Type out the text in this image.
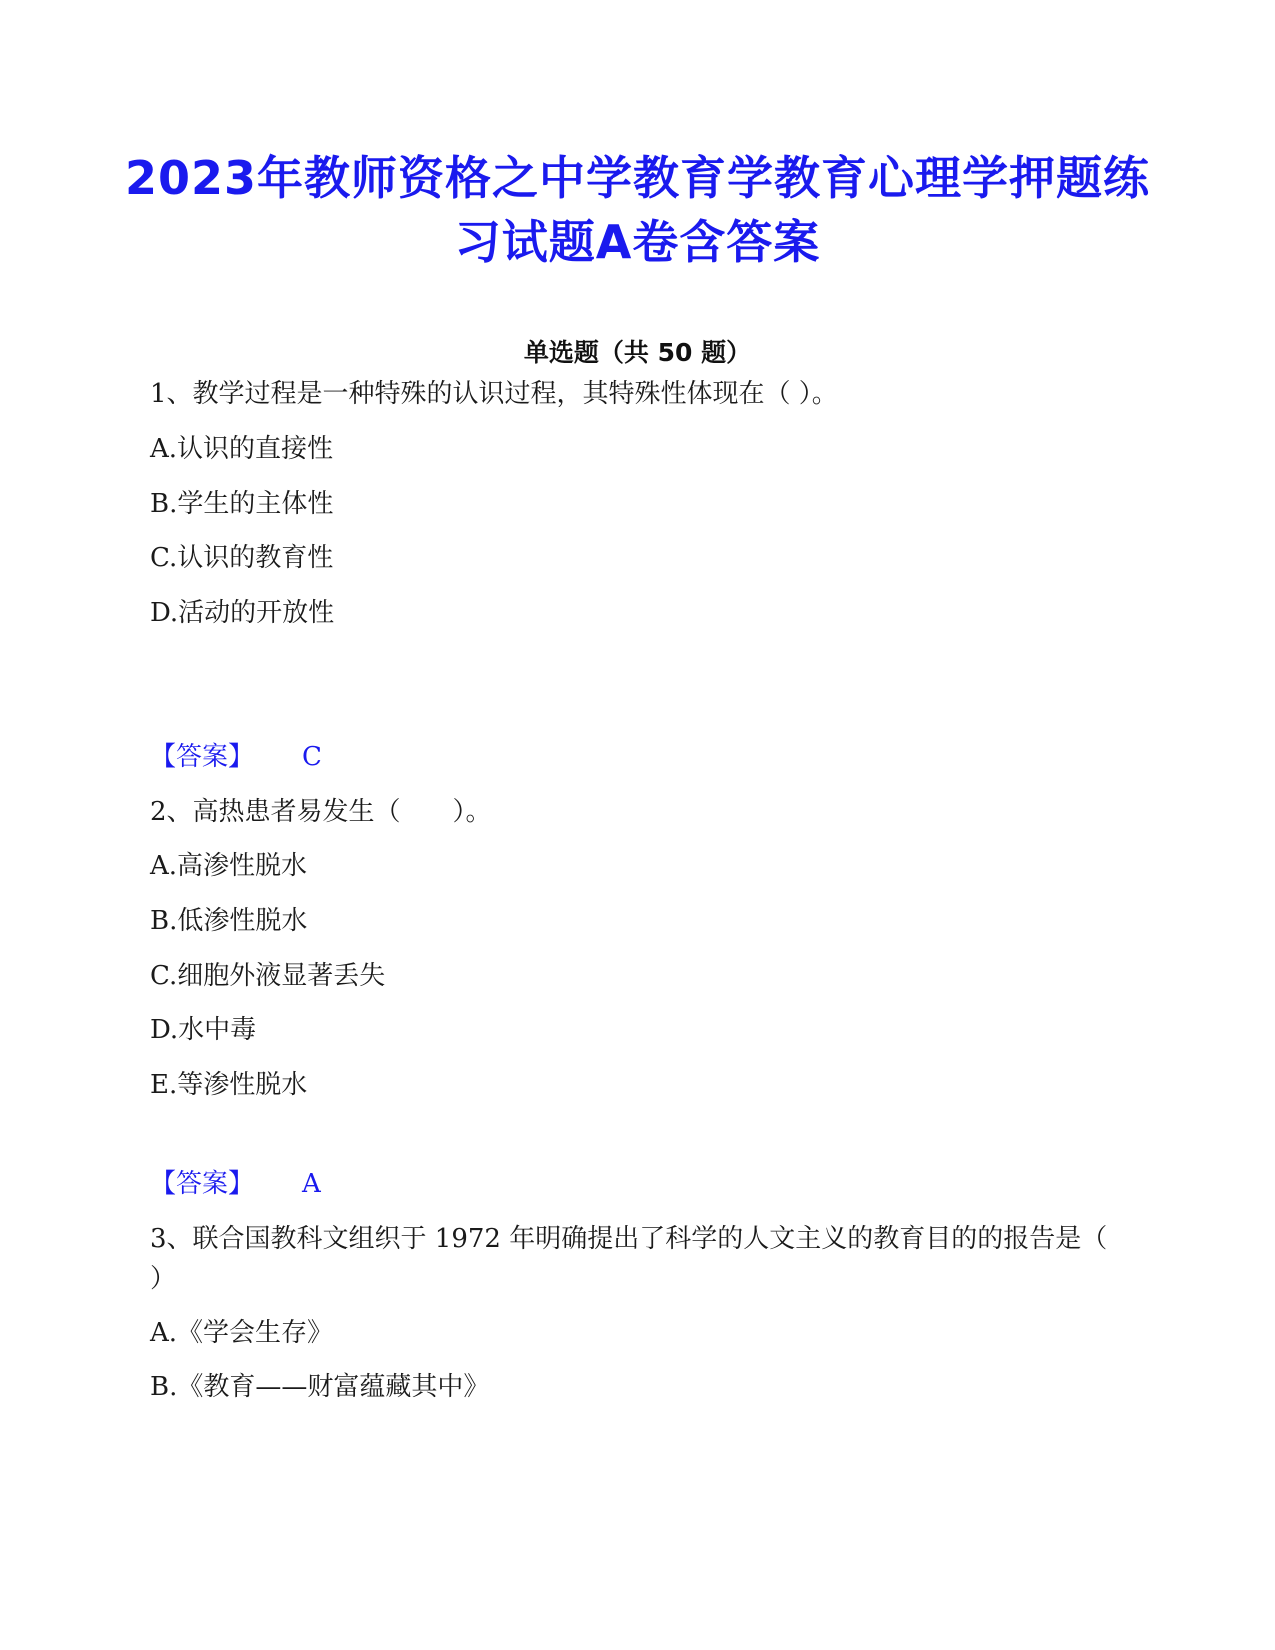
2023年教师资格之中学教育学教育心理学押题练习试题A卷含答案
单选题（共 50 题）
1、教学过程是一种特殊的认识过程，其特殊性体现在（ ）。
A.认识的直接性
B.学生的主体性
C.认识的教育性
D.活动的开放性
【答案】 C
2、高热患者易发生（　　）。
A.高渗性脱水
B.低渗性脱水
C.细胞外液显著丢失
D.水中毒
E.等渗性脱水
【答案】 A
3、联合国教科文组织于 1972 年明确提出了科学的人文主义的教育目的的报告是（ ）
A.《学会生存》
B.《教育——财富蕴藏其中》
